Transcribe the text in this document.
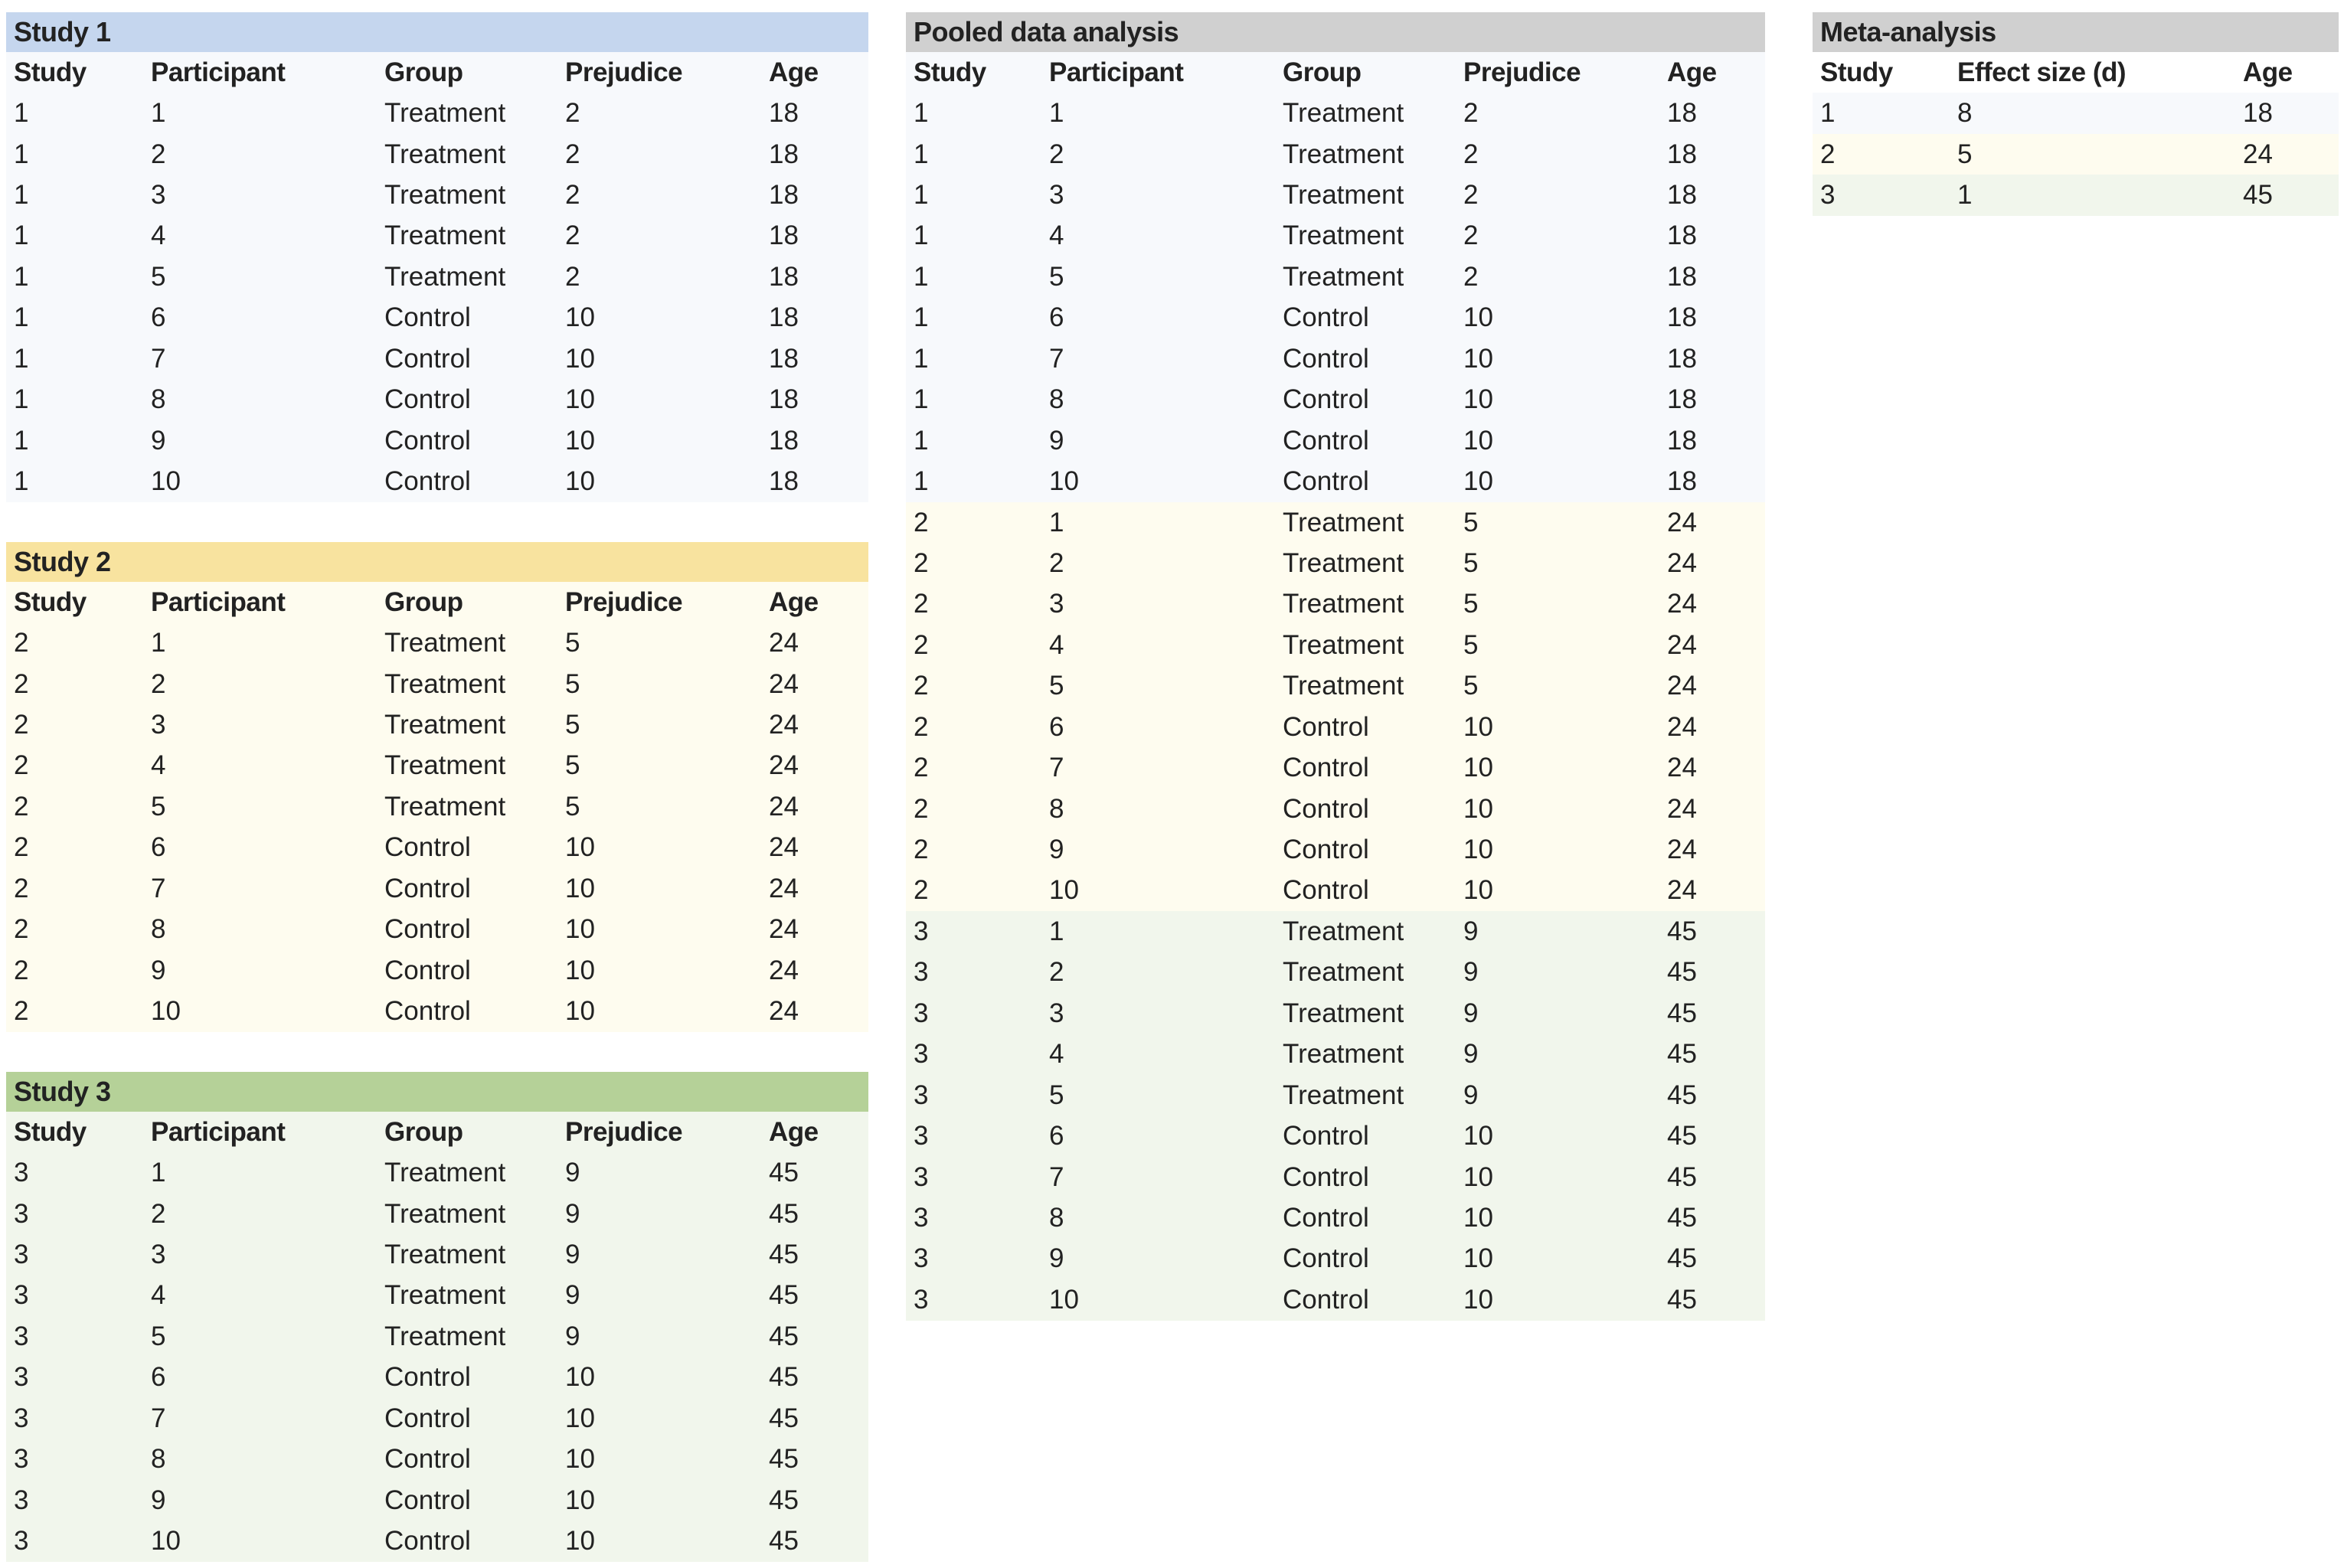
Study 1
Study	Participant	Group	Prejudice	Age
1	1	Treatment	2	18
1	2	Treatment	2	18
1	3	Treatment	2	18
1	4	Treatment	2	18
1	5	Treatment	2	18
1	6	Control	10	18
1	7	Control	10	18
1	8	Control	10	18
1	9	Control	10	18
1	10	Control	10	18
Study 2
Study	Participant	Group	Prejudice	Age
2	1	Treatment	5	24
2	2	Treatment	5	24
2	3	Treatment	5	24
2	4	Treatment	5	24
2	5	Treatment	5	24
2	6	Control	10	24
2	7	Control	10	24
2	8	Control	10	24
2	9	Control	10	24
2	10	Control	10	24
Study 3
Study	Participant	Group	Prejudice	Age
3	1	Treatment	9	45
3	2	Treatment	9	45
3	3	Treatment	9	45
3	4	Treatment	9	45
3	5	Treatment	9	45
3	6	Control	10	45
3	7	Control	10	45
3	8	Control	10	45
3	9	Control	10	45
3	10	Control	10	45
Pooled data analysis
Study	Participant	Group	Prejudice	Age
1	1	Treatment	2	18
1	2	Treatment	2	18
1	3	Treatment	2	18
1	4	Treatment	2	18
1	5	Treatment	2	18
1	6	Control	10	18
1	7	Control	10	18
1	8	Control	10	18
1	9	Control	10	18
1	10	Control	10	18
2	1	Treatment	5	24
2	2	Treatment	5	24
2	3	Treatment	5	24
2	4	Treatment	5	24
2	5	Treatment	5	24
2	6	Control	10	24
2	7	Control	10	24
2	8	Control	10	24
2	9	Control	10	24
2	10	Control	10	24
3	1	Treatment	9	45
3	2	Treatment	9	45
3	3	Treatment	9	45
3	4	Treatment	9	45
3	5	Treatment	9	45
3	6	Control	10	45
3	7	Control	10	45
3	8	Control	10	45
3	9	Control	10	45
3	10	Control	10	45
Meta-analysis
Study	Effect size (d)	Age
1	8	18
2	5	24
3	1	45
